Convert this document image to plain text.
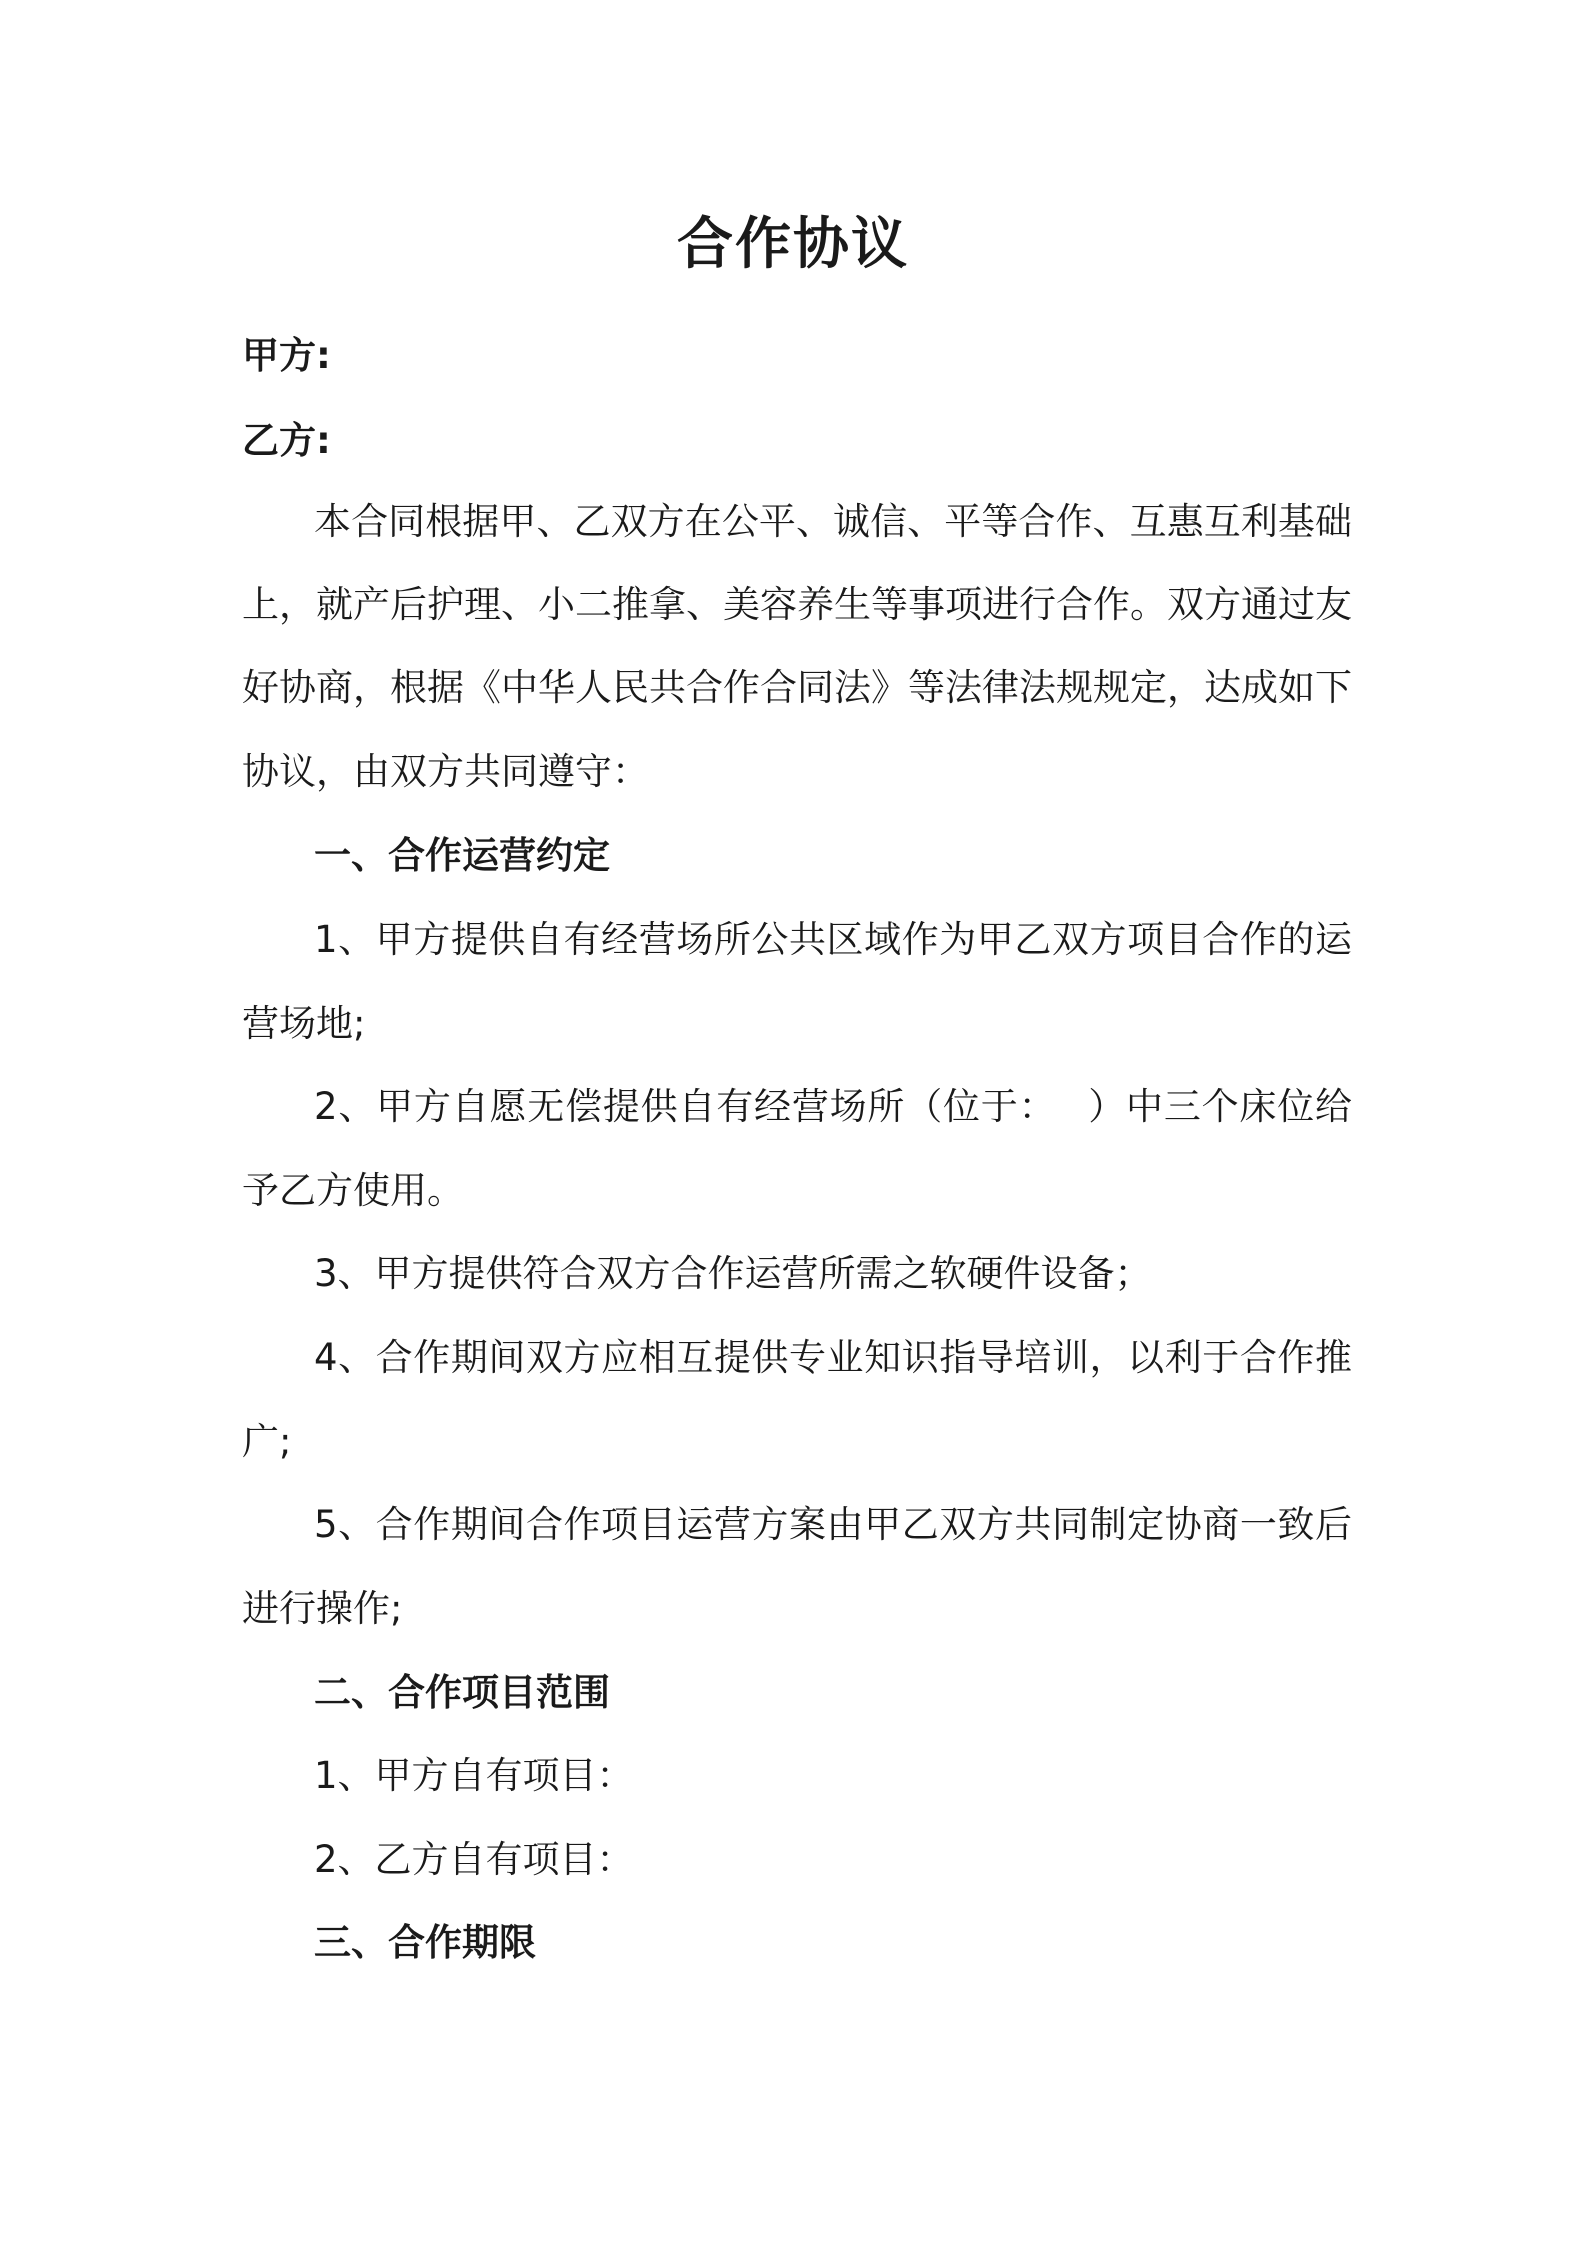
合作协议
甲方:
乙方:
本合同根据甲、乙双方在公平、诚信、平等合作、互惠互利基础
上，就产后护理、小二推拿、美容养生等事项进行合作。双方通过友
好协商，根据《中华人民共合作合同法》等法律法规规定，达成如下
协议，由双方共同遵守：
一、合作运营约定
1、甲方提供自有经营场所公共区域作为甲乙双方项目合作的运
营场地;
2、甲方自愿无偿提供自有经营场所（位于：　 ）中三个床位给
予乙方使用。
3、甲方提供符合双方合作运营所需之软硬件设备；
4、合作期间双方应相互提供专业知识指导培训，以利于合作推
广;
5、合作期间合作项目运营方案由甲乙双方共同制定协商一致后
进行操作;
二、合作项目范围
1、甲方自有项目：
2、乙方自有项目：
三、合作期限
